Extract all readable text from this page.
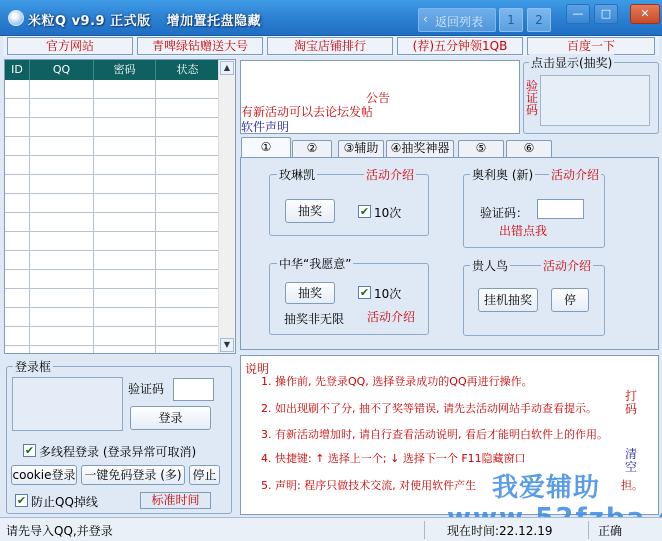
米粒Q v9.9 正式版 增加置托盘隐藏	‹ 返回列表	1	2	—	□	✕
官方网站	青啤绿钻赠送大号	淘宝店铺排行	(荐)五分钟领1QB	百度一下
ID	QQ	密码	状态	▲
▼
公告
有新活动可以去论坛发帖
软件声明
点击显示(抽奖)
验证码
①	②	③辅助	④抽奖神器	⑤	⑥
玫琳凯	活动介绍
抽奖	✔ 10次
奥利奥 (新) 活动介绍
验证码：
出错点我
中华“我愿意”
抽奖	✔ 10次
抽奖非无限 活动介绍
贵人鸟	活动介绍
挂机抽奖	停
登录框
验证码
登录
✔ 多线程登录 (登录异常可取消)
cookie登录 一键免码登录 (多) 停止
✔ 防止QQ掉线	标准时间
说明
1. 操作前, 先登录QQ, 选择登录成功的QQ再进行操作。
2. 如出现刷不了分, 抽不了奖等错误, 请先去活动网站手动查看提示。
3. 有新活动增加时, 请自行查看活动说明, 看后才能明白软件上的作用。
4. 快捷键: ↑ 选择上一个; ↓ 选择下一个 F11隐藏窗口
5. 声明: 程序只做技术交流, 对使用软件产生	担。
打码
清空
我爱辅助
请先导入QQ,并登录	现在时间:22.12.19	正确
